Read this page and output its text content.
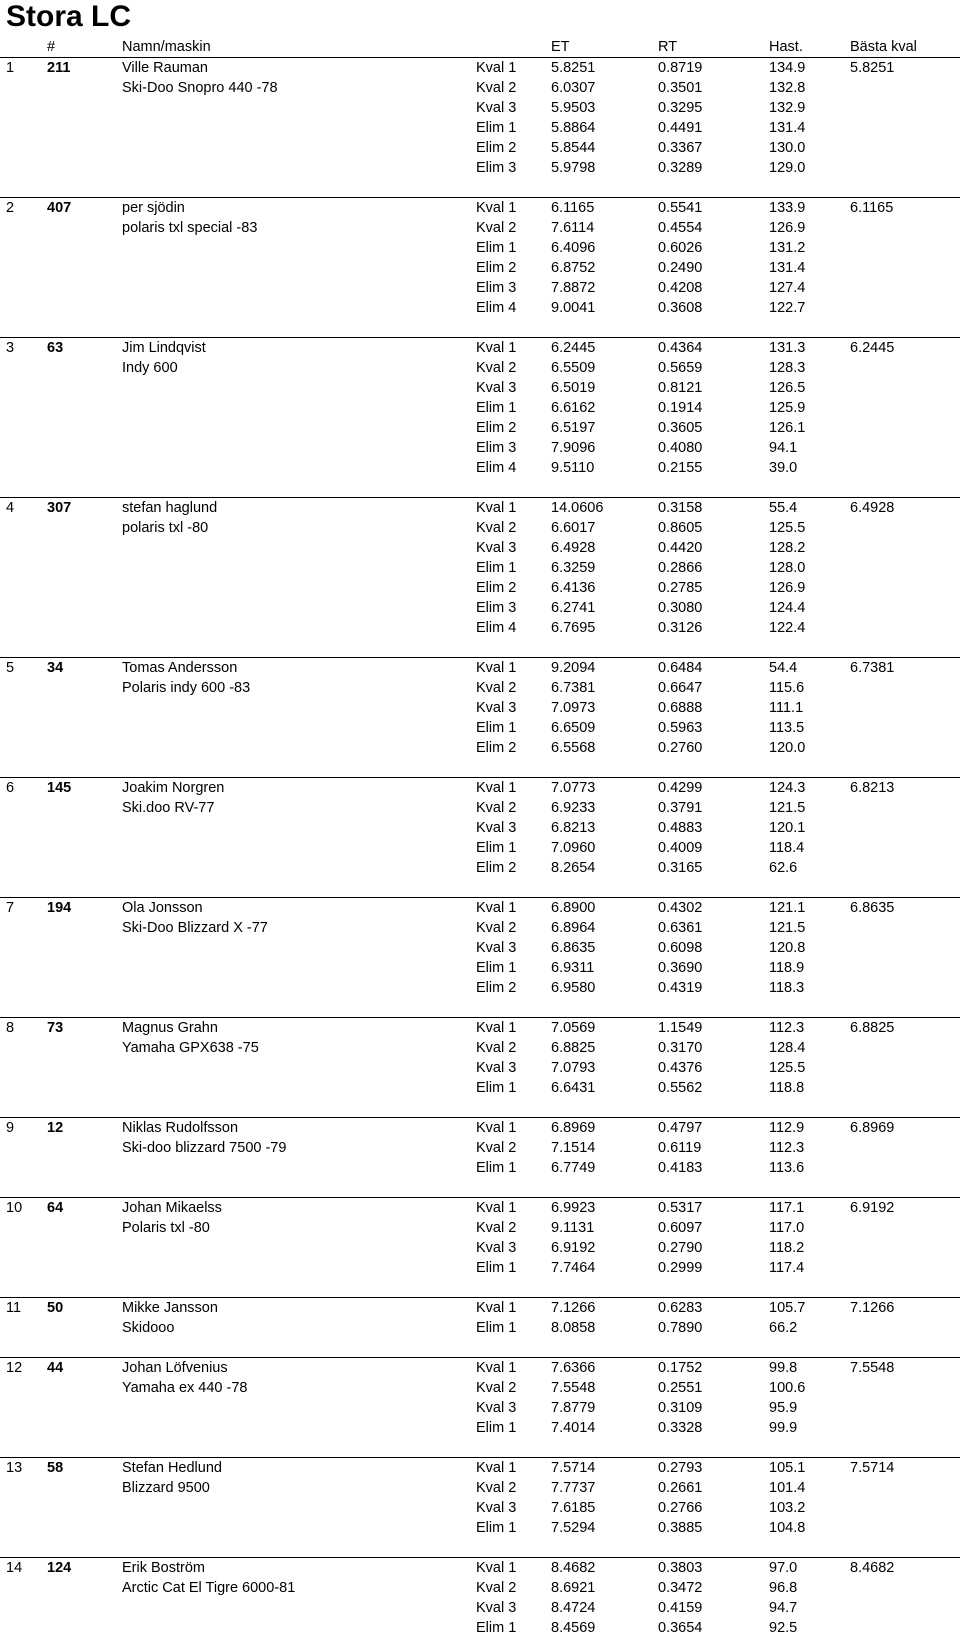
Stora LC
#	Namn/maskin	ET	RT	Hast.	Bästa kval
1 211	Ville Rauman	5.8251
Ski-Doo Snopro 440 -78
Kval 1 5.8251	0.8719	134.9
Kval 2 6.0307	0.3501	132.8
Kval 3 5.9503	0.3295	132.9
Elim 1 5.8864	0.4491	131.4
Elim 2 5.8544	0.3367	130.0
Elim 3 5.9798	0.3289	129.0
2 407	per sjödin	6.1165
polaris txl special -83
Kval 1 6.1165	0.5541	133.9
Kval 2 7.6114	0.4554	126.9
Elim 1 6.4096	0.6026	131.2
Elim 2 6.8752	0.2490	131.4
Elim 3 7.8872	0.4208	127.4
Elim 4 9.0041	0.3608	122.7
3 63	Jim Lindqvist	6.2445
Indy 600
Kval 1 6.2445	0.4364	131.3
Kval 2 6.5509	0.5659	128.3
Kval 3 6.5019	0.8121	126.5
Elim 1 6.6162	0.1914	125.9
Elim 2 6.5197	0.3605	126.1
Elim 3 7.9096	0.4080	94.1
Elim 4 9.5110	0.2155	39.0
4 307	stefan haglund	6.4928
polaris txl -80
Kval 1 14.0606	0.3158	55.4
Kval 2 6.6017	0.8605	125.5
Kval 3 6.4928	0.4420	128.2
Elim 1 6.3259	0.2866	128.0
Elim 2 6.4136	0.2785	126.9
Elim 3 6.2741	0.3080	124.4
Elim 4 6.7695	0.3126	122.4
5 34	Tomas Andersson	6.7381
Polaris indy 600 -83
Kval 1 9.2094	0.6484	54.4
Kval 2 6.7381	0.6647	115.6
Kval 3 7.0973	0.6888	111.1
Elim 1 6.6509	0.5963	113.5
Elim 2 6.5568	0.2760	120.0
6 145	Joakim Norgren	6.8213
Ski.doo RV-77
Kval 1 7.0773	0.4299	124.3
Kval 2 6.9233	0.3791	121.5
Kval 3 6.8213	0.4883	120.1
Elim 1 7.0960	0.4009	118.4
Elim 2 8.2654	0.3165	62.6
7 194	Ola Jonsson	6.8635
Ski-Doo Blizzard X -77
Kval 1 6.8900	0.4302	121.1
Kval 2 6.8964	0.6361	121.5
Kval 3 6.8635	0.6098	120.8
Elim 1 6.9311	0.3690	118.9
Elim 2 6.9580	0.4319	118.3
8 73	Magnus Grahn	6.8825
Yamaha GPX638 -75
Kval 1 7.0569	1.1549	112.3
Kval 2 6.8825	0.3170	128.4
Kval 3 7.0793	0.4376	125.5
Elim 1 6.6431	0.5562	118.8
9 12	Niklas Rudolfsson	6.8969
Ski-doo blizzard 7500 -79
Kval 1 6.8969	0.4797	112.9
Kval 2 7.1514	0.6119	112.3
Elim 1 6.7749	0.4183	113.6
10 64	Johan Mikaelss	6.9192
Polaris txl -80
Kval 1 6.9923	0.5317	117.1
Kval 2 9.1131	0.6097	117.0
Kval 3 6.9192	0.2790	118.2
Elim 1 7.7464	0.2999	117.4
11 50	Mikke Jansson	7.1266
Skidooo
Kval 1 7.1266	0.6283	105.7
Elim 1 8.0858	0.7890	66.2
12 44	Johan Löfvenius	7.5548
Yamaha ex 440 -78
Kval 1 7.6366	0.1752	99.8
Kval 2 7.5548	0.2551	100.6
Kval 3 7.8779	0.3109	95.9
Elim 1 7.4014	0.3328	99.9
13 58	Stefan Hedlund	7.5714
Blizzard 9500
Kval 1 7.5714	0.2793	105.1
Kval 2 7.7737	0.2661	101.4
Kval 3 7.6185	0.2766	103.2
Elim 1 7.5294	0.3885	104.8
14 124	Erik Boström	8.4682
Arctic Cat El Tigre 6000-81
Kval 1 8.4682	0.3803	97.0
Kval 2 8.6921	0.3472	96.8
Kval 3 8.4724	0.4159	94.7
Elim 1 8.4569	0.3654	92.5
